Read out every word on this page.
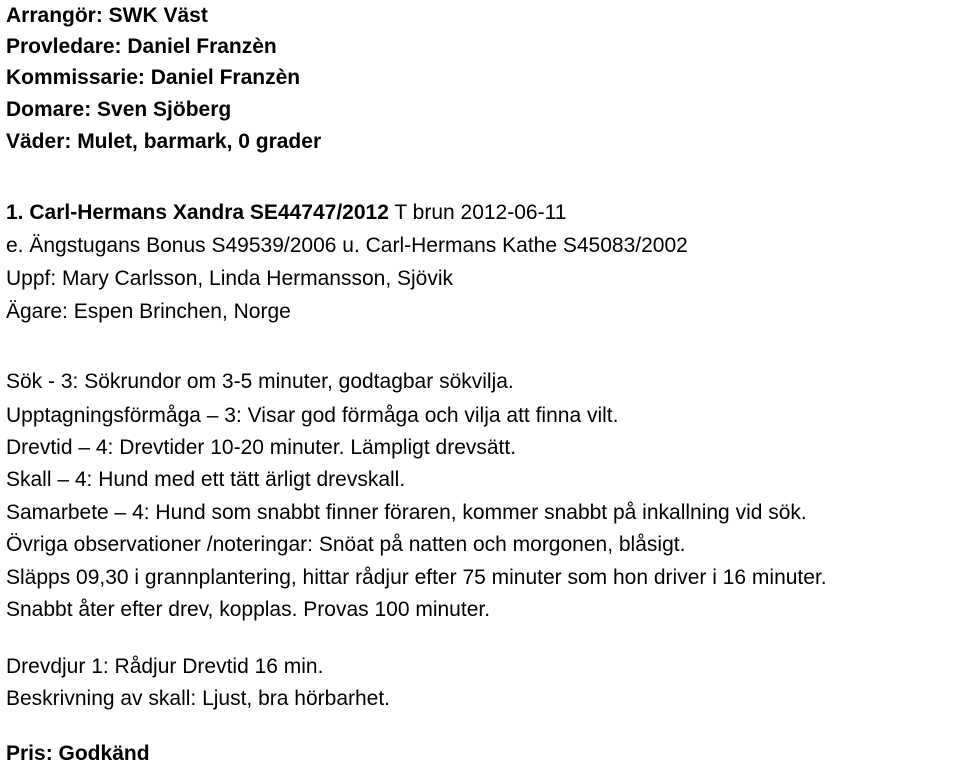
Arrangör: SWK Väst
Provledare: Daniel Franzèn
Kommissarie: Daniel Franzèn
Domare: Sven Sjöberg
Väder: Mulet, barmark, 0 grader
1. Carl-Hermans Xandra SE44747/2012 T brun 2012-06-11
e. Ängstugans Bonus S49539/2006 u. Carl-Hermans Kathe S45083/2002
Uppf: Mary Carlsson, Linda Hermansson, Sjövik
Ägare: Espen Brinchen, Norge
Sök - 3: Sökrundor om 3-5 minuter, godtagbar sökvilja.
Upptagningsförmåga – 3: Visar god förmåga och vilja att finna vilt.
Drevtid – 4: Drevtider 10-20 minuter. Lämpligt drevsätt.
Skall – 4: Hund med ett tätt ärligt drevskall.
Samarbete – 4: Hund som snabbt finner föraren, kommer snabbt på inkallning vid sök.
Övriga observationer /noteringar: Snöat på natten och morgonen, blåsigt.
Släpps 09,30 i grannplantering, hittar rådjur efter 75 minuter som hon driver i 16 minuter.
Snabbt åter efter drev, kopplas. Provas 100 minuter.
Drevdjur 1: Rådjur Drevtid 16 min.
Beskrivning av skall: Ljust, bra hörbarhet.
Pris: Godkänd
